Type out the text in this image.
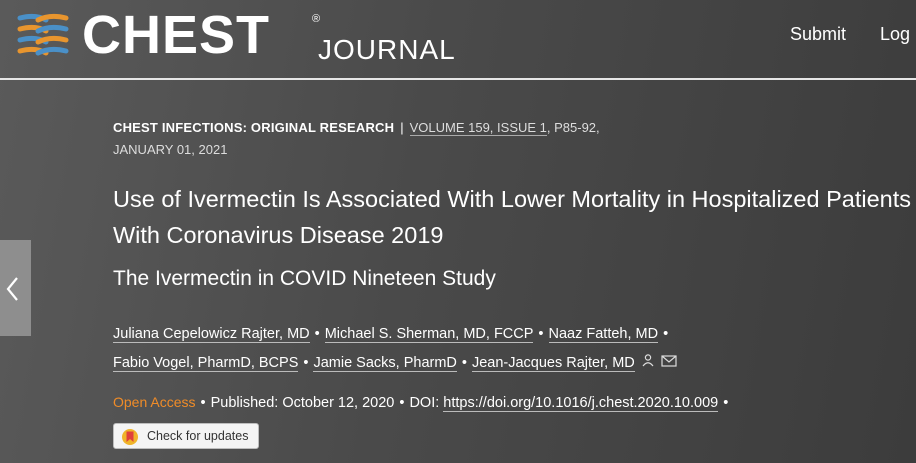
CHEST	®
JOURNAL	Submit Log
CHEST INFECTIONS: ORIGINAL RESEARCH | VOLUME 159, ISSUE 1, P85-92,
JANUARY 01, 2021
Use of Ivermectin Is Associated With Lower Mortality in Hospitalized Patients With Coronavirus Disease 2019
The Ivermectin in COVID Nineteen Study
Juliana Cepelowicz Rajter, MD • Michael S. Sherman, MD, FCCP • Naaz Fatteh, MD •
Fabio Vogel, PharmD, BCPS • Jamie Sacks, PharmD • Jean-Jacques Rajter, MD
Open Access • Published: October 12, 2020 • DOI: https://doi.org/10.1016/j.chest.2020.10.009 •
Check for updates
